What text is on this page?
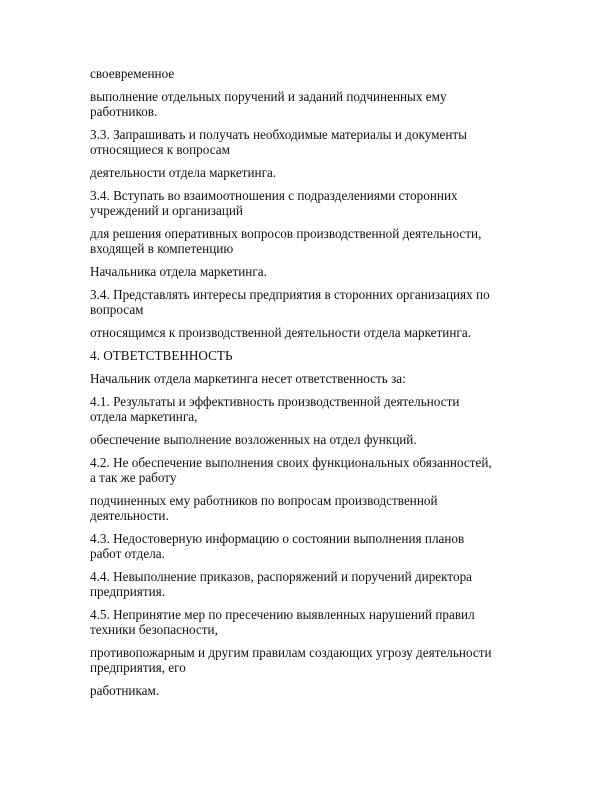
своевременное

выполнение отдельных поручений и заданий подчиненных ему
работников.

3.3. Запрашивать и получать необходимые материалы и документы
относящиеся к вопросам

деятельности отдела маркетинга.

3.4. Вступать во взаимоотношения с подразделениями сторонних
учреждений и организаций

для решения оперативных вопросов производственной деятельности,
входящей в компетенцию

Начальника отдела маркетинга.

3.4. Представлять интересы предприятия в сторонних организациях по
вопросам

относящимся к производственной деятельности отдела маркетинга.

4. ОТВЕТСТВЕННОСТЬ

Начальник отдела маркетинга несет ответственность за:

4.1. Результаты и эффективность производственной деятельности
отдела маркетинга,

обеспечение выполнение возложенных на отдел функций.

4.2. Не обеспечение выполнения своих функциональных обязанностей,
а так же работу

подчиненных ему работников по вопросам производственной
деятельности.

4.3. Недостоверную информацию о состоянии выполнения планов
работ отдела.

4.4. Невыполнение приказов, распоряжений и поручений директора
предприятия.

4.5. Непринятие мер по пресечению выявленных нарушений правил
техники безопасности,

противопожарным и другим правилам создающих угрозу деятельности
предприятия, его

работникам.
